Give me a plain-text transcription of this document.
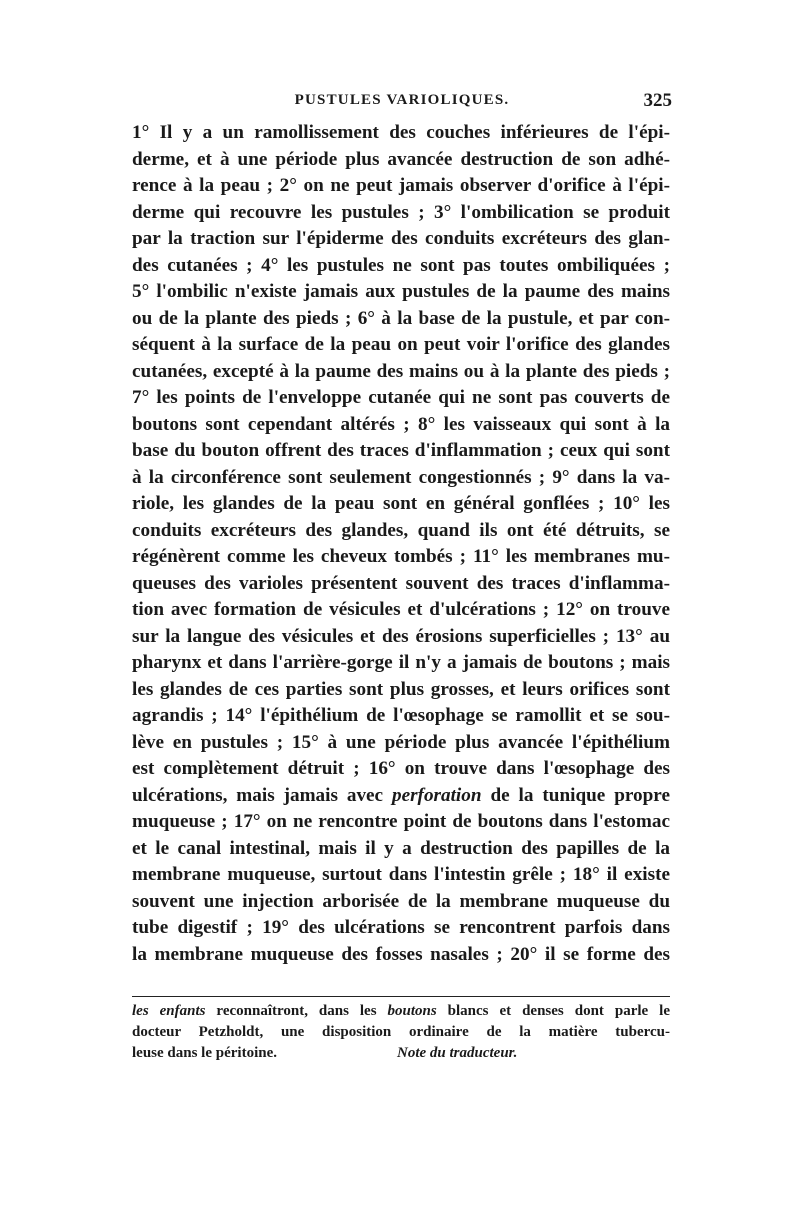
PUSTULES VARIOLIQUES.	325
1° Il y a un ramollissement des couches inférieures de l'épi-
derme, et à une période plus avancée destruction de son adhé-
rence à la peau ; 2° on ne peut jamais observer d'orifice à l'épi-
derme qui recouvre les pustules ; 3° l'ombilication se produit
par la traction sur l'épiderme des conduits excréteurs des glan-
des cutanées ; 4° les pustules ne sont pas toutes ombiliquées ;
5° l'ombilic n'existe jamais aux pustules de la paume des mains
ou de la plante des pieds ; 6° à la base de la pustule, et par con-
séquent à la surface de la peau on peut voir l'orifice des glandes
cutanées, excepté à la paume des mains ou à la plante des pieds ;
7° les points de l'enveloppe cutanée qui ne sont pas couverts de
boutons sont cependant altérés ; 8° les vaisseaux qui sont à la
base du bouton offrent des traces d'inflammation ; ceux qui sont
à la circonférence sont seulement congestionnés ; 9° dans la va-
riole, les glandes de la peau sont en général gonflées ; 10° les
conduits excréteurs des glandes, quand ils ont été détruits, se
régénèrent comme les cheveux tombés ; 11° les membranes mu-
queuses des varioles présentent souvent des traces d'inflamma-
tion avec formation de vésicules et d'ulcérations ; 12° on trouve
sur la langue des vésicules et des érosions superficielles ; 13° au
pharynx et dans l'arrière-gorge il n'y a jamais de boutons ; mais
les glandes de ces parties sont plus grosses, et leurs orifices sont
agrandis ; 14° l'épithélium de l'œsophage se ramollit et se sou-
lève en pustules ; 15° à une période plus avancée l'épithélium
est complètement détruit ; 16° on trouve dans l'œsophage des
ulcérations, mais jamais avec perforation de la tunique propre
muqueuse ; 17° on ne rencontre point de boutons dans l'estomac
et le canal intestinal, mais il y a destruction des papilles de la
membrane muqueuse, surtout dans l'intestin grêle ; 18° il existe
souvent une injection arborisée de la membrane muqueuse du
tube digestif ; 19° des ulcérations se rencontrent parfois dans
la membrane muqueuse des fosses nasales ; 20° il se forme des
les enfants reconnaîtront, dans les boutons blancs et denses dont parle le
docteur Petzholdt, une disposition ordinaire de la matière tubercu-
leuse dans le péritoine.	Note du traducteur.
